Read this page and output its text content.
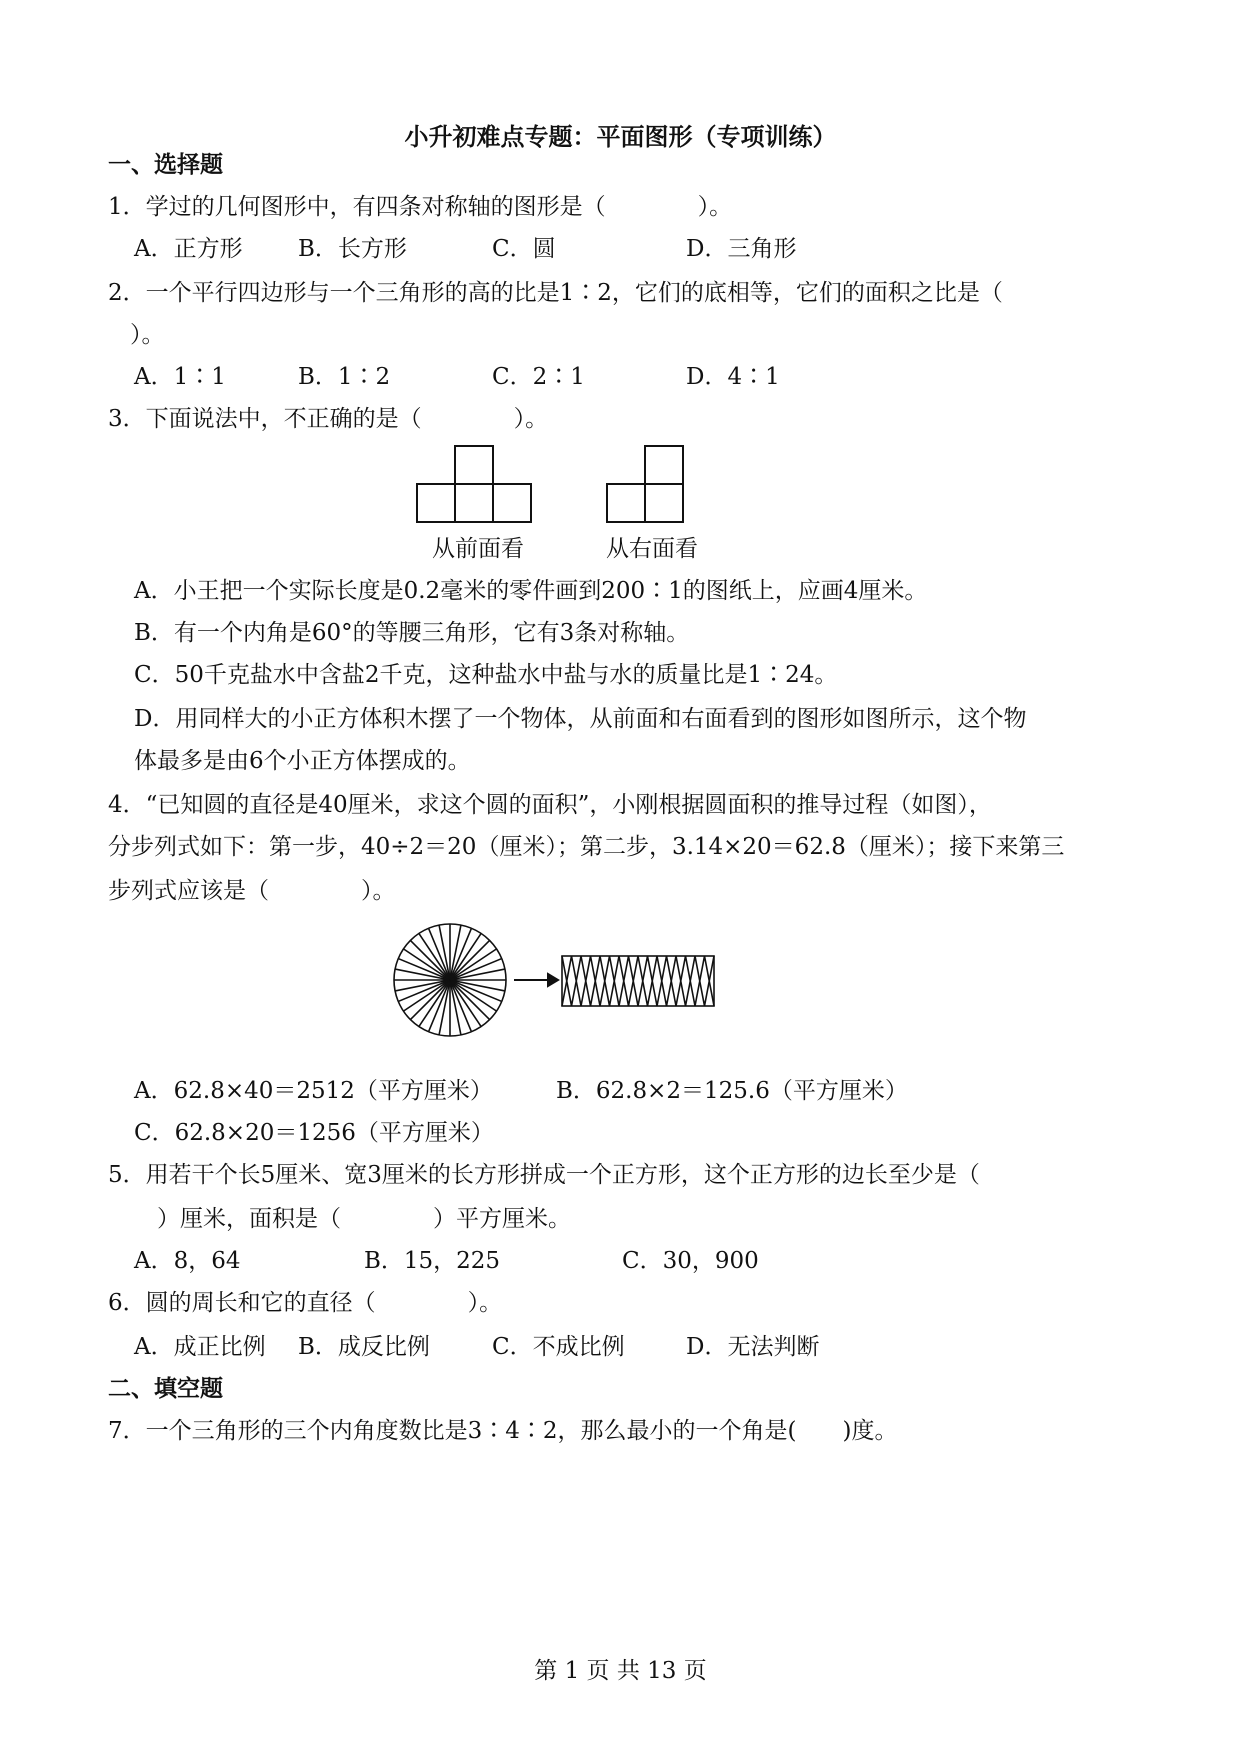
小升初难点专题：平面图形（专项训练）
一、选择题
1．学过的几何图形中，有四条对称轴的图形是（　　　　）。
A．正方形 B．长方形	C．圆	D．三角形
2．一个平行四边形与一个三角形的高的比是1∶2，它们的底相等，它们的面积之比是（
）。
A．1∶1	B．1∶2	C．2∶1	D．4∶1
3．下面说法中，不正确的是（　　　　）。
从前面看	从右面看
A．小王把一个实际长度是0.2毫米的零件画到200∶1的图纸上，应画4厘米。
B．有一个内角是60°的等腰三角形，它有3条对称轴。
C．50千克盐水中含盐2千克，这种盐水中盐与水的质量比是1∶24。
D．用同样大的小正方体积木摆了一个物体，从前面和右面看到的图形如图所示，这个物
体最多是由6个小正方体摆成的。
4．“已知圆的直径是40厘米，求这个圆的面积”，小刚根据圆面积的推导过程（如图），
分步列式如下：第一步，40÷2＝20（厘米）；第二步，3.14×20＝62.8（厘米）；接下来第三
步列式应该是（　　　　）。
A．62.8×40＝2512（平方厘米）	B．62.8×2＝125.6（平方厘米）
C．62.8×20＝1256（平方厘米）
5．用若干个长5厘米、宽3厘米的长方形拼成一个正方形，这个正方形的边长至少是（
　）厘米，面积是（　　　　）平方厘米。
A．8，64	B．15，225	C．30，900
6．圆的周长和它的直径（　　　　）。
A．成正比例 B．成反比例	C．不成比例	D．无法判断
二、填空题
7．一个三角形的三个内角度数比是3∶4∶2，那么最小的一个角是(　　)度。
第 1 页 共 13 页
